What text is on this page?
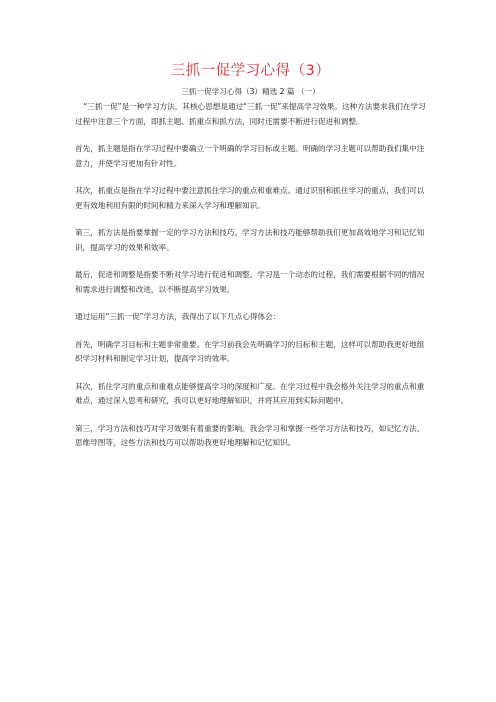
三抓一促学习心得（3）
三抓一促学习心得（3）精选 2 篇 （一）

“三抓一促”是一种学习方法，其核心思想是通过“三抓一促”来提高学习效果。这种方法要求我们在学习过程中注意三个方面，即抓主题、抓重点和抓方法，同时还需要不断进行促进和调整。

首先，抓主题是指在学习过程中要确立一个明确的学习目标或主题。明确的学习主题可以帮助我们集中注意力，并使学习更加有针对性。

其次，抓重点是指在学习过程中要注意抓住学习的重点和重难点。通过识别和抓住学习的重点，我们可以更有效地利用有限的时间和精力来深入学习和理解知识。

第三，抓方法是指要掌握一定的学习方法和技巧。学习方法和技巧能够帮助我们更加高效地学习和记忆知识，提高学习的效果和效率。

最后，促进和调整是指要不断对学习进行促进和调整。学习是一个动态的过程，我们需要根据不同的情况和需求进行调整和改进，以不断提高学习效果。

通过运用“三抓一促”学习方法，我得出了以下几点心得体会：

首先，明确学习目标和主题非常重要。在学习前我会先明确学习的目标和主题，这样可以帮助我更好地组织学习材料和制定学习计划，提高学习的效率。

其次，抓住学习的重点和重难点能够提高学习的深度和广度。在学习过程中我会格外关注学习的重点和重难点，通过深入思考和研究，我可以更好地理解知识，并将其应用到实际问题中。

第三，学习方法和技巧对学习效果有着重要的影响。我会学习和掌握一些学习方法和技巧，如记忆方法、思维导图等，这些方法和技巧可以帮助我更好地理解和记忆知识。
